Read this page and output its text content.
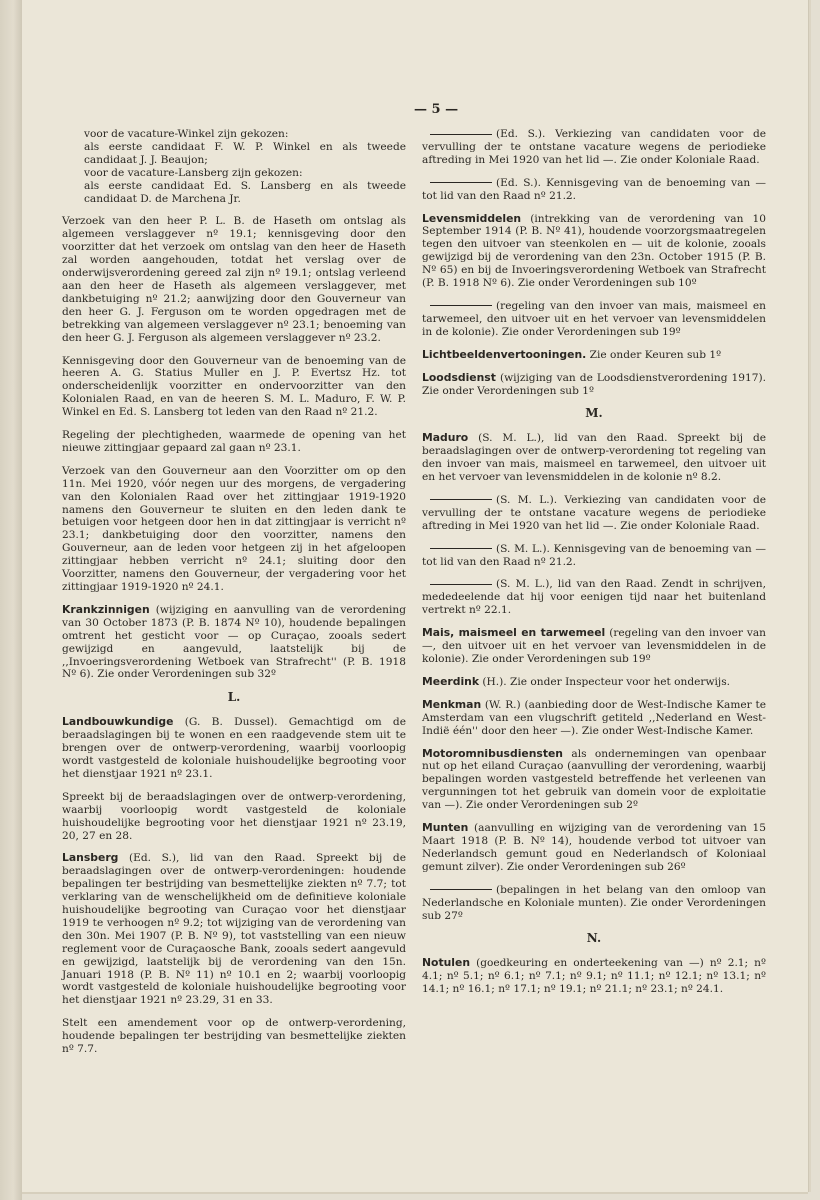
— 5 —

voor de vacature-Winkel zijn gekozen:

als eerste candidaat F. W. P. Winkel en als tweede candidaat J. J. Beaujon;

voor de vacature-Lansberg zijn gekozen:

als eerste candidaat Ed. S. Lansberg en als tweede candidaat D. de Marchena Jr.

Verzoek van den heer P. L. B. de Haseth om ontslag als algemeen verslaggever nº 19.1; kennisgeving door den voorzitter dat het verzoek om ontslag van den heer de Haseth zal worden aangehouden, totdat het verslag over de onderwijsverordening gereed zal zijn nº 19.1; ontslag verleend aan den heer de Haseth als algemeen verslaggever, met dankbetuiging nº 21.2; aanwijzing door den Gouverneur van den heer G. J. Ferguson om te worden opgedragen met de betrekking van algemeen verslaggever nº 23.1; benoeming van den heer G. J. Ferguson als algemeen verslaggever nº 23.2.

Kennisgeving door den Gouverneur van de benoeming van de heeren A. G. Statius Muller en J. P. Evertsz Hz. tot onderscheidenlijk voorzitter en ondervoorzitter van den Kolonialen Raad, en van de heeren S. M. L. Maduro, F. W. P. Winkel en Ed. S. Lansberg tot leden van den Raad nº 21.2.

Regeling der plechtigheden, waarmede de opening van het nieuwe zittingjaar gepaard zal gaan nº 23.1.

Verzoek van den Gouverneur aan den Voorzitter om op den 11n. Mei 1920, vóór negen uur des morgens, de vergadering van den Kolonialen Raad over het zittingjaar 1919-1920 namens den Gouverneur te sluiten en den leden dank te betuigen voor hetgeen door hen in dat zittingjaar is verricht nº 23.1; dankbetuiging door den voorzitter, namens den Gouverneur, aan de leden voor hetgeen zij in het afgeloopen zittingjaar hebben verricht nº 24.1; sluiting door den Voorzitter, namens den Gouverneur, der vergadering voor het zittingjaar 1919-1920 nº 24.1.

Krankzinnigen (wijziging en aanvulling van de verordening van 30 October 1873 (P. B. 1874 Nº 10), houdende bepalingen omtrent het gesticht voor — op Curaçao, zooals sedert gewijzigd en aangevuld, laatstelijk bij de ,,Invoeringsverordening Wetboek van Strafrecht'' (P. B. 1918 Nº 6). Zie onder Verordeningen sub 32º

L.

Landbouwkundige (G. B. Dussel). Gemachtigd om de beraadslagingen bij te wonen en een raadgevende stem uit te brengen over de ontwerp-verordening, waarbij voorloopig wordt vastgesteld de koloniale huishoudelijke begrooting voor het dienstjaar 1921 nº 23.1.

Spreekt bij de beraadslagingen over de ontwerp-verordening, waarbij voorloopig wordt vastgesteld de koloniale huishoudelijke begrooting voor het dienstjaar 1921 nº 23.19, 20, 27 en 28.

Lansberg (Ed. S.), lid van den Raad. Spreekt bij de beraadslagingen over de ontwerp-verordeningen: houdende bepalingen ter bestrijding van besmettelijke ziekten nº 7.7; tot verklaring van de wenschelijkheid om de definitieve koloniale huishoudelijke begrooting van Curaçao voor het dienstjaar 1919 te verhoogen nº 9.2; tot wijziging van de verordening van den 30n. Mei 1907 (P. B. Nº 9), tot vaststelling van een nieuw reglement voor de Curaçaosche Bank, zooals sedert aangevuld en gewijzigd, laatstelijk bij de verordening van den 15n. Januari 1918 (P. B. Nº 11) nº 10.1 en 2; waarbij voorloopig wordt vastgesteld de koloniale huishoudelijke begrooting voor het dienstjaar 1921 nº 23.29, 31 en 33.

Stelt een amendement voor op de ontwerp-verordening, houdende bepalingen ter bestrijding van besmettelijke ziekten nº 7.7.

(Ed. S.). Verkiezing van candidaten voor de vervulling der te ontstane vacature wegens de periodieke aftreding in Mei 1920 van het lid —. Zie onder Koloniale Raad.

(Ed. S.). Kennisgeving van de benoeming van — tot lid van den Raad nº 21.2.

Levensmiddelen (intrekking van de verordening van 10 September 1914 (P. B. Nº 41), houdende voorzorgsmaatregelen tegen den uitvoer van steenkolen en — uit de kolonie, zooals gewijzigd bij de verordening van den 23n. October 1915 (P. B. Nº 65) en bij de Invoeringsverordening Wetboek van Strafrecht (P. B. 1918 Nº 6). Zie onder Verordeningen sub 10º

(regeling van den invoer van mais, maismeel en tarwemeel, den uitvoer uit en het vervoer van levensmiddelen in de kolonie). Zie onder Verordeningen sub 19º

Lichtbeeldenvertooningen. Zie onder Keuren sub 1º

Loodsdienst (wijziging van de Loodsdienstverordening 1917). Zie onder Verordeningen sub 1º

M.

Maduro (S. M. L.), lid van den Raad. Spreekt bij de beraadslagingen over de ontwerp-verordening tot regeling van den invoer van mais, maismeel en tarwemeel, den uitvoer uit en het vervoer van levensmiddelen in de kolonie nº 8.2.

(S. M. L.). Verkiezing van candidaten voor de vervulling der te ontstane vacature wegens de periodieke aftreding in Mei 1920 van het lid —. Zie onder Koloniale Raad.

(S. M. L.). Kennisgeving van de benoeming van — tot lid van den Raad nº 21.2.

(S. M. L.), lid van den Raad. Zendt in schrijven, mededeelende dat hij voor eenigen tijd naar het buitenland vertrekt nº 22.1.

Mais, maismeel en tarwemeel (regeling van den invoer van —, den uitvoer uit en het vervoer van levensmiddelen in de kolonie). Zie onder Verordeningen sub 19º

Meerdink (H.). Zie onder Inspecteur voor het onderwijs.

Menkman (W. R.) (aanbieding door de West-Indische Kamer te Amsterdam van een vlugschrift getiteld ,,Nederland en West-Indië één'' door den heer —). Zie onder West-Indische Kamer.

Motoromnibusdiensten als ondernemingen van openbaar nut op het eiland Curaçao (aanvulling der verordening, waarbij bepalingen worden vastgesteld betreffende het verleenen van vergunningen tot het gebruik van domein voor de exploitatie van —). Zie onder Verordeningen sub 2º

Munten (aanvulling en wijziging van de verordening van 15 Maart 1918 (P. B. Nº 14), houdende verbod tot uitvoer van Nederlandsch gemunt goud en Nederlandsch of Koloniaal gemunt zilver). Zie onder Verordeningen sub 26º

(bepalingen in het belang van den omloop van Nederlandsche en Koloniale munten). Zie onder Verordeningen sub 27º

N.

Notulen (goedkeuring en onderteekening van —) nº 2.1; nº 4.1; nº 5.1; nº 6.1; nº 7.1; nº 9.1; nº 11.1; nº 12.1; nº 13.1; nº 14.1; nº 16.1; nº 17.1; nº 19.1; nº 21.1; nº 23.1; nº 24.1.
